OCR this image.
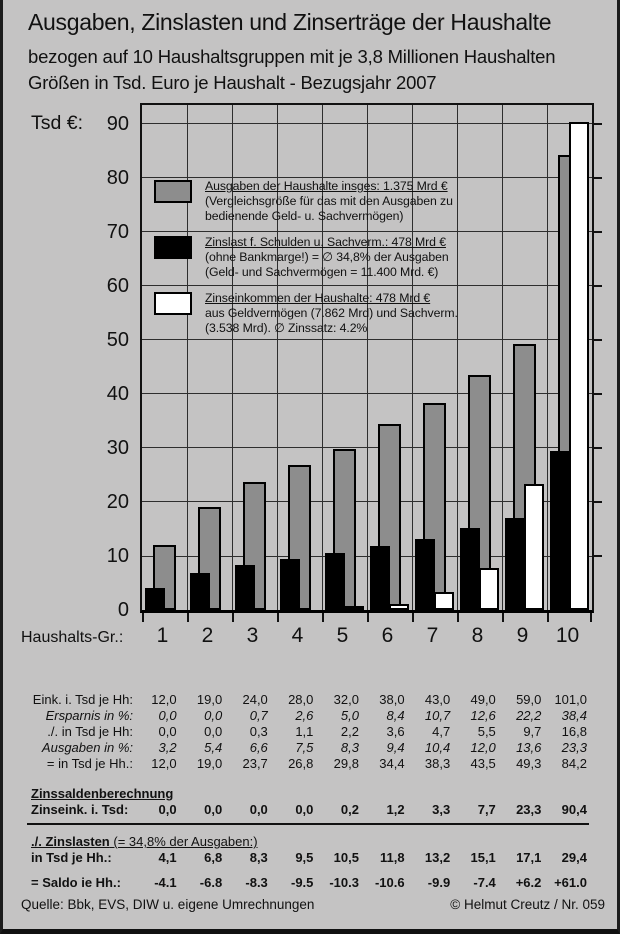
Ausgaben, Zinslasten und Zinserträge der Haushalte
bezogen auf 10 Haushaltsgruppen mit je 3,8 Millionen Haushalten
Größen in Tsd. Euro je Haushalt - Bezugsjahr 2007
Tsd €:
0
10
20
30
40
50
60
70
80
90
Ausgaben der Haushalte insges: 1.375 Mrd €
(Vergleichsgröße für das mit den Ausgaben zu
bedienende Geld- u. Sachvermögen)
Zinslast f. Schulden u. Sachverm.: 478 Mrd €
(ohne Bankmarge!) = ∅ 34,8% der Ausgaben
(Geld- und Sachvermögen = 11.400 Mrd. €)
Zinseinkommen der Haushalte: 478 Mrd €
aus Geldvermögen (7.862 Mrd) und Sachverm.
(3.538 Mrd). ∅ Zinssatz: 4.2%
Haushalts-Gr.: 1 2 3 4 5 6 7 8 9 10
Eink. i. Tsd je Hh:	12,0	19,0	24,0	28,0	32,0	38,0	43,0	49,0	59,0	101,0
Ersparnis in %:	0,0	0,0	0,7	2,6	5,0	8,4	10,7	12,6	22,2	38,4
./. in Tsd je Hh:	0,0	0,0	0,3	1,1	2,2	3,6	4,7	5,5	9,7	16,8
Ausgaben in %:	3,2	5,4	6,6	7,5	8,3	9,4	10,4	12,0	13,6	23,3
= in Tsd je Hh.:	12,0	19,0	23,7	26,8	29,8	34,4	38,3	43,5	49,3	84,2
Zinssaldenberechnung
Zinseink. i. Tsd:	0,0	0,0	0,0	0,0	0,2	1,2	3,3	7,7	23,3	90,4
./. Zinslasten (= 34,8% der Ausgaben:)
in Tsd je Hh.:	4,1	6,8	8,3	9,5	10,5	11,8	13,2	15,1	17,1	29,4
= Saldo ie Hh.:	-4.1	-6.8	-8.3	-9.5	-10.3	-10.6	-9.9	-7.4	+6.2 +61.0
Quelle: Bbk, EVS, DIW u. eigene Umrechnungen	© Helmut Creutz / Nr. 059
